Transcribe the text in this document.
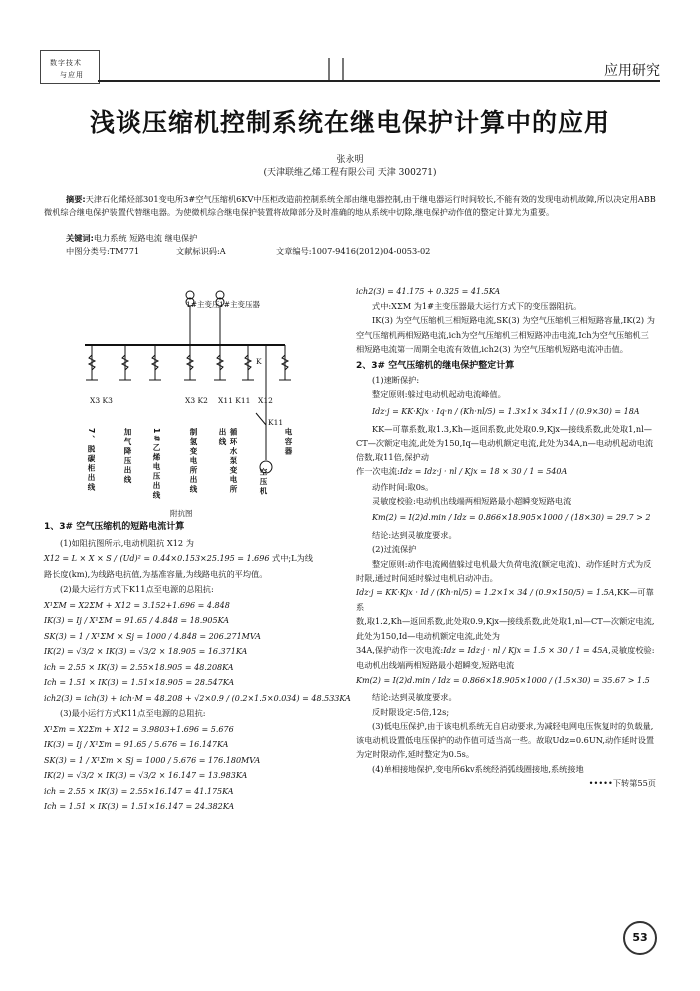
数字技术
与应用	应用研究
浅谈压缩机控制系统在继电保护计算中的应用
张永明
(天津联维乙烯工程有限公司 天津 300271)

摘要:天津石化烯烃部301变电所3#空气压缩机6KV中压柜改造前控制系统全部由继电器控制,由于继电器运行时间较长,不能有效的发现电动机故障,所以决定用ABB微机综合继电保护装置代替继电器。为使微机综合继电保护装置将故障部分及时准确的地从系统中切除,继电保护动作值的整定计算尤为重要。

关键词:电力系统 短路电流 继电保护
中图分类号:TM771	文献标识码:A	文章编号:1007-9416(2012)04-0053-02
1#主变压 1#主变压器
K
X3 K3	X3 K2 X11 K11 X12
K11
7、脱碳柜出线	加气降压出线	1#乙烯电压出线	制氢变电所出线	循环水泵变电所出线
空压机
电容器
附抗图

1、3# 空气压缩机的短路电流计算

(1)如阻抗图所示,电动机阻抗 X12 为

X12 = L × X × S / (Ud)² = 0.44×0.153×25.195 = 1.696 式中;L为线

路长度(km),为线路电抗值,为基准容量,为线路电抗的平均值。

(2)最大运行方式下K11点至电源的总阻抗:

X¹ΣM = X2ΣM + X12 = 3.152+1.696 = 4.848

IK(3) = Ij / X¹ΣM = 91.65 / 4.848 = 18.905KA

SK(3) = 1 / X¹ΣM × Sj = 1000 / 4.848 = 206.271MVA

IK(2) = √3/2 × IK(3) = √3/2 × 18.905 = 16.371KA

ich = 2.55 × IK(3) = 2.55×18.905 = 48.208KA

Ich = 1.51 × IK(3) = 1.51×18.905 = 28.547KA

ich2(3) = ich(3) + ich·M = 48.208 + √2×0.9 / (0.2×1.5×0.034) = 48.533KA

(3)最小运行方式K11点至电源的总阻抗:

X¹Σm = X2Σm + X12 = 3.9803+1.696 = 5.676

IK(3) = Ij / X¹Σm = 91.65 / 5.676 = 16.147KA

SK(3) = 1 / X¹Σm × Sj = 1000 / 5.676 = 176.180MVA

IK(2) = √3/2 × IK(3) = √3/2 × 16.147 = 13.983KA

ich = 2.55 × IK(3) = 2.55×16.147 = 41.175KA

Ich = 1.51 × IK(3) = 1.51×16.147 = 24.382KA

ich2(3) = 41.175 + 0.325 = 41.5KA

式中:XΣM 为1#主变压器最大运行方式下的变压器阻抗。

IK(3) 为空气压缩机三相短路电流,SK(3) 为空气压缩机三相短路容量,IK(2) 为空气压缩机两相短路电流,ich为空气压缩机三相短路冲击电流,Ich为空气压缩机三相短路电流第一周期全电流有效值,ich2(3) 为空气压缩机短路电流冲击值。

2、3# 空气压缩机的继电保护整定计算

(1)速断保护:

整定原则:躲过电动机起动电流峰值。

Idz·j = KK·Kjx · Iq·n / (Kh·nl/5) = 1.3×1× 34×11 / (0.9×30) = 18A

KK—可靠系数,取1.3,Kh—返回系数,此处取0.9,Kjx—接线系数,此处取1,nl—CT—次额定电流,此处为150,Iq—电动机额定电流,此处为34A,n—电动机起动电流倍数,取11倍,保护动

作一次电流:Idz = Idz·j · nl / Kjx = 18 × 30 / 1 = 540A

动作时间:取0s。

灵敏度校验:电动机出线端两相短路最小超瞬变短路电流

Km(2) = I(2)d.min / Idz = 0.866×18.905×1000 / (18×30) = 29.7 > 2

结论:达到灵敏度要求。

(2)过流保护

整定原则:动作电流阈值躲过电机最大负荷电流(额定电流)、动作延时方式为反时限,通过时间延时躲过电机启动冲击。

Idz·j = KK·Kjx · Id / (Kh·nl/5) = 1.2×1× 34 / (0.9×150/5) = 1.5A,KK—可靠系

数,取1.2,Kh—返回系数,此处取0.9,Kjx—接线系数,此处取1,nl—CT—次额定电流,此处为150,Id—电动机额定电流,此处为

34A,保护动作一次电流:Idz = Idz·j · nl / Kjx = 1.5 × 30 / 1 = 45A,灵敏度校验:

电动机出线端两相短路最小超瞬变,短路电流

Km(2) = I(2)d.min / Idz = 0.866×18.905×1000 / (1.5×30) = 35.67 > 1.5

结论:达到灵敏度要求。

反时限设定:5倍,12s;

(3)低电压保护,由于该电机系统无自启动要求,为减轻电网电压恢复时的负载量,该电动机设置低电压保护的动作值可适当高一些。故取Udz=0.6UN,动作延时设置为定时限动作,延时整定为0.5s。

(4)单相接地保护,变电所6kv系统经消弧线圈接地,系统接地

•••••下转第55页

53
